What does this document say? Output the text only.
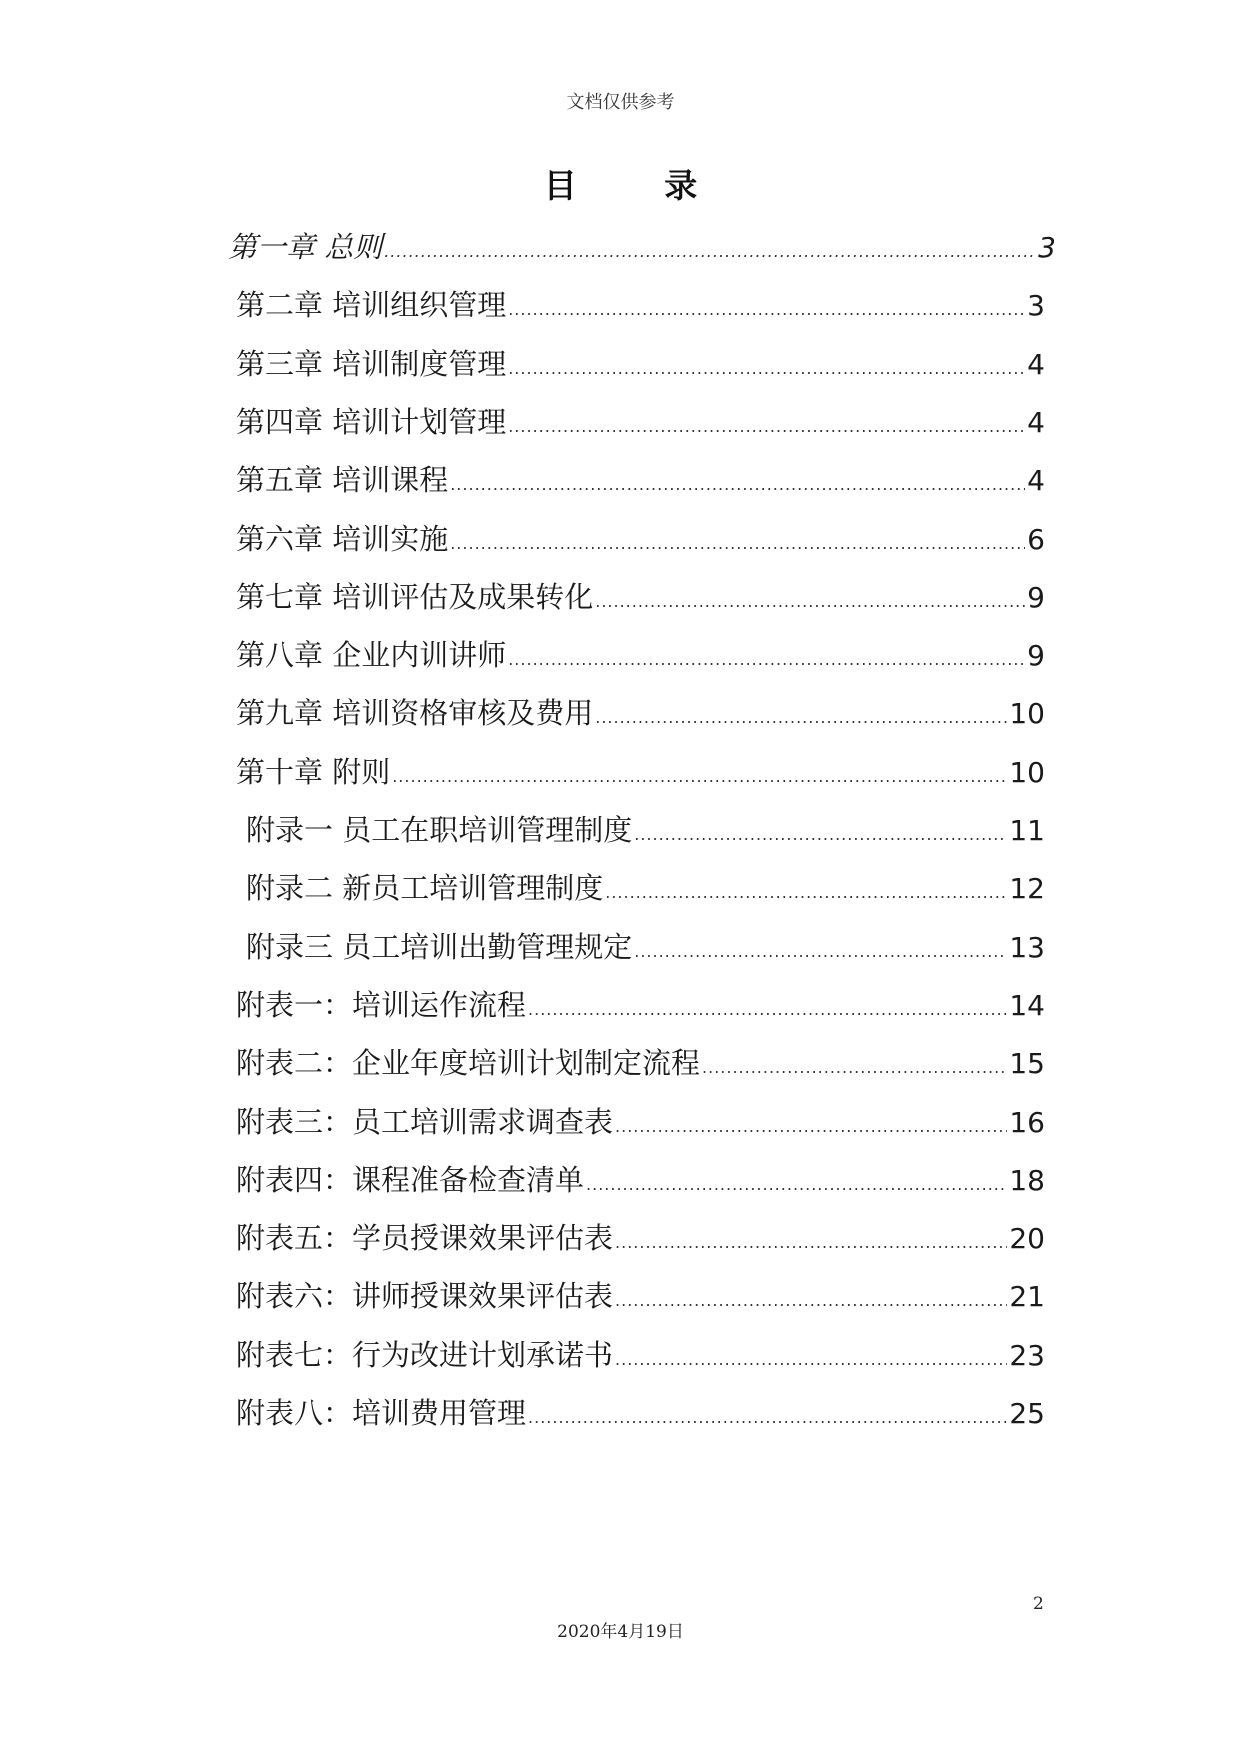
文档仅供参考
目 录
第一章 总则 .....	3
第二章 培训组织管理 .....	3
第三章 培训制度管理 .....	4
第四章 培训计划管理 .....	4
第五章 培训课程 .....	4
第六章 培训实施 .....	6
第七章 培训评估及成果转化 .....	9
第八章 企业内训讲师 .....	9
第九章 培训资格审核及费用 .....	10
第十章 附则 .....	10
附录一 员工在职培训管理制度 .....	11
附录二 新员工培训管理制度 .....	12
附录三 员工培训出勤管理规定 .....	13
附表一：培训运作流程 .....	14
附表二：企业年度培训计划制定流程 .....	15
附表三：员工培训需求调查表 .....	16
附表四：课程准备检查清单 .....	18
附表五：学员授课效果评估表 .....	20
附表六：讲师授课效果评估表 .....	21
附表七：行为改进计划承诺书 .....	23
附表八：培训费用管理 .....	25
2
2020年4月19日
